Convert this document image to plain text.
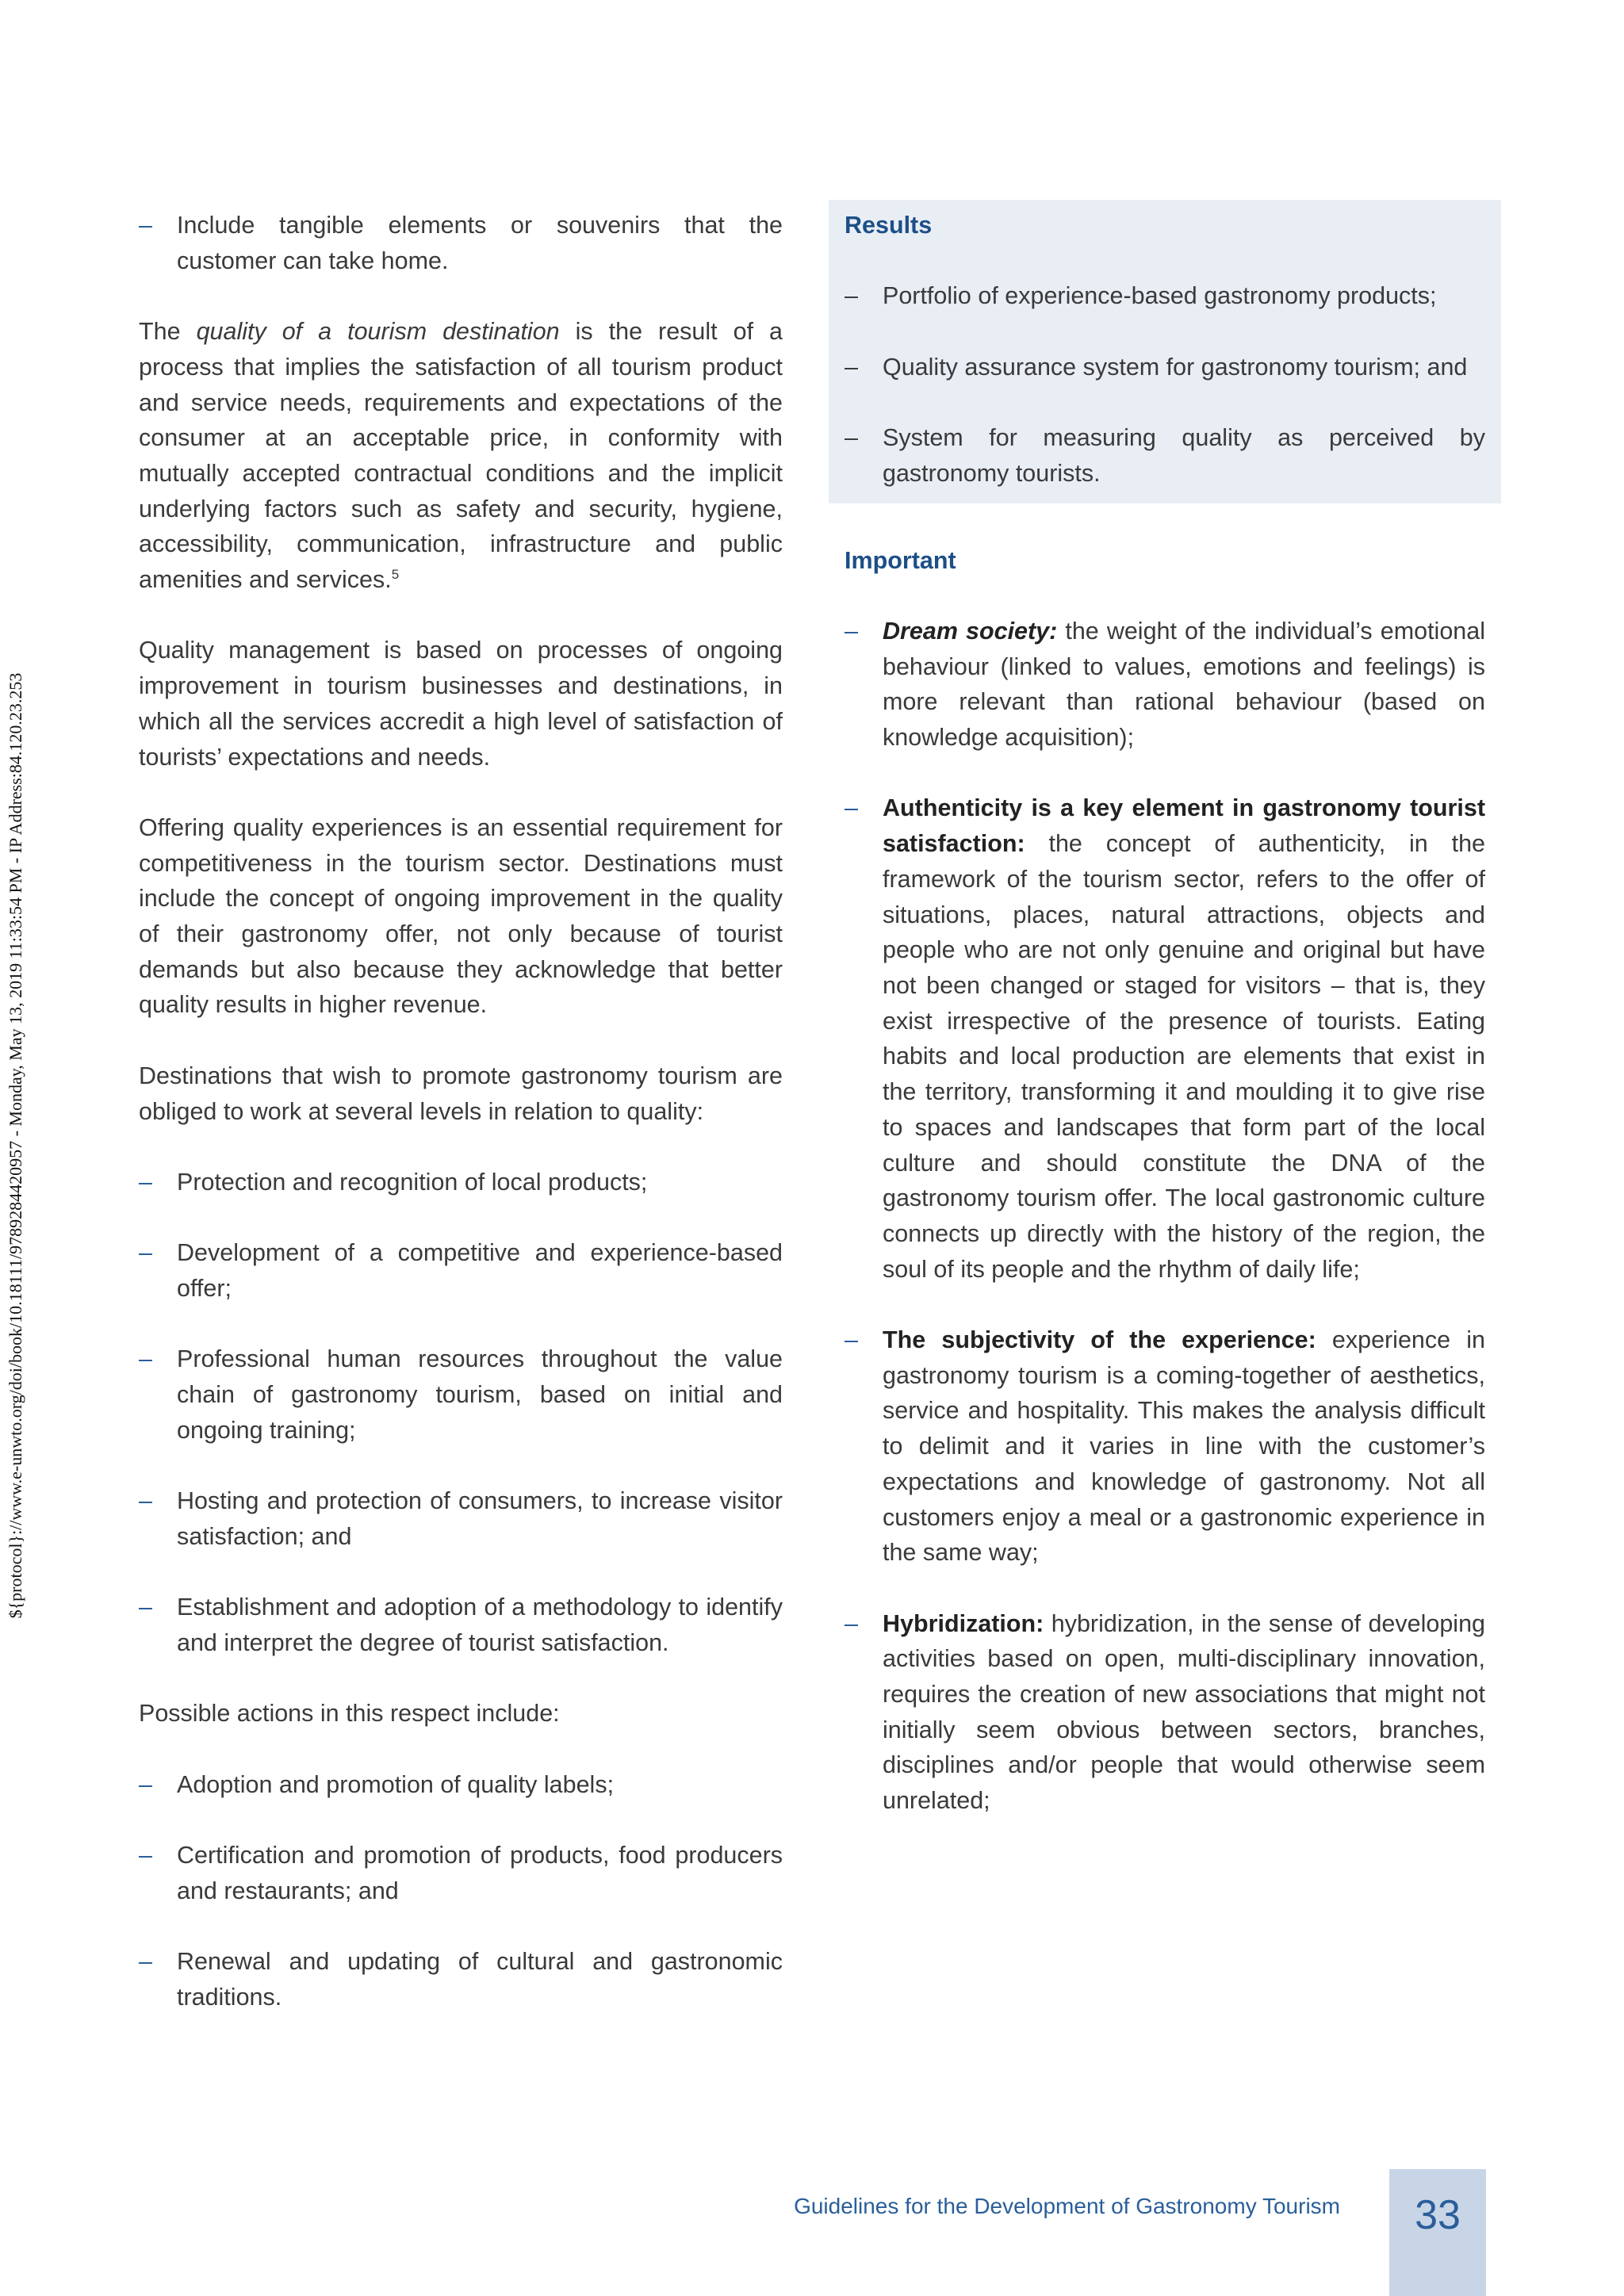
${protocol}://www.e-unwto.org/doi/book/10.18111/9789284420957 - Monday, May 13, 2019 11:33:54 PM - IP Address:84.120.23.253
– Include tangible elements or souvenirs that the customer can take home.

The quality of a tourism destination is the result of a process that implies the satisfaction of all tourism product and service needs, requirements and expectations of the consumer at an acceptable price, in conformity with mutually accepted contractual conditions and the implicit underlying factors such as safety and security, hygiene, accessibility, communication, infrastructure and public amenities and services.$^5$

Quality management is based on processes of ongoing improvement in tourism businesses and destinations, in which all the services accredit a high level of satisfaction of tourists’ expectations and needs.

Offering quality experiences is an essential requirement for competitiveness in the tourism sector. Destinations must include the concept of ongoing improvement in the quality of their gastronomy offer, not only because of tourist demands but also because they acknowledge that better quality results in higher revenue.

Destinations that wish to promote gastronomy tourism are obliged to work at several levels in relation to quality:

– Protection and recognition of local products;
– Development of a competitive and experience-based offer;
– Professional human resources throughout the value chain of gastronomy tourism, based on initial and ongoing training;
– Hosting and protection of consumers, to increase visitor satisfaction; and
– Establishment and adoption of a methodology to identify and interpret the degree of tourist satisfaction.

Possible actions in this respect include:

– Adoption and promotion of quality labels;
– Certification and promotion of products, food producers and restaurants; and
– Renewal and updating of cultural and gastronomic traditions.
Results
– Portfolio of experience-based gastronomy products;
– Quality assurance system for gastronomy tourism; and
– System for measuring quality as perceived by gastronomy tourists.
Important
– Dream society: the weight of the individual’s emotional behaviour (linked to values, emotions and feelings) is more relevant than rational behaviour (based on knowledge acquisition);
– Authenticity is a key element in gastronomy tourist satisfaction: the concept of authenticity, in the framework of the tourism sector, refers to the offer of situations, places, natural attractions, objects and people who are not only genuine and original but have not been changed or staged for visitors – that is, they exist irrespective of the presence of tourists. Eating habits and local production are elements that exist in the territory, transforming it and moulding it to give rise to spaces and landscapes that form part of the local culture and should constitute the DNA of the gastronomy tourism offer. The local gastronomic culture connects up directly with the history of the region, the soul of its people and the rhythm of daily life;
– The subjectivity of the experience: experience in gastronomy tourism is a coming-together of aesthetics, service and hospitality. This makes the analysis difficult to delimit and it varies in line with the customer’s expectations and knowledge of gastronomy. Not all customers enjoy a meal or a gastronomic experience in the same way;
– Hybridization: hybridization, in the sense of developing activities based on open, multi-disciplinary innovation, requires the creation of new associations that might not initially seem obvious between sectors, branches, disciplines and/or people that would otherwise seem unrelated;
Guidelines for the Development of Gastronomy Tourism	33
